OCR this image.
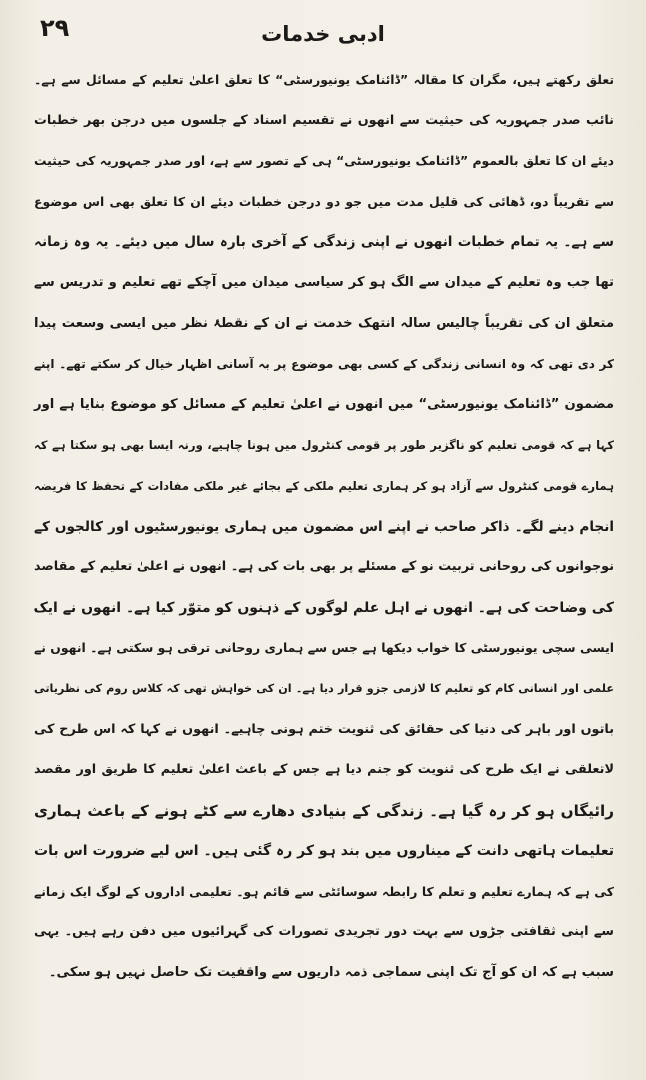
۲۹	ادبی خدمات
تعلق رکھتے ہیں، مگران کا مقالہ ”ڈائنامک یونیورسٹی“ کا تعلق اعلیٰ تعلیم کے مسائل سے ہے۔
نائب صدر جمہوریہ کی حیثیت سے انھوں نے تقسیم اسناد کے جلسوں میں درجن بھر خطبات
دیئے ان کا تعلق بالعموم ”ڈائنامک یونیورسٹی“ ہی کے تصور سے ہے، اور صدر جمہوریہ کی حیثیت
سے تقریباً دو، ڈھائی کی قلیل مدت میں جو دو درجن خطبات دیئے ان کا تعلق بھی اس موضوع
سے ہے۔ یہ تمام خطبات انھوں نے اپنی زندگی کے آخری بارہ سال میں دیئے۔ یہ وہ زمانہ
تھا جب وہ تعلیم کے میدان سے الگ ہو کر سیاسی میدان میں آچکے تھے تعلیم و تدریس سے
متعلق ان کی تقریباً چالیس سالہ انتھک خدمت نے ان کے نقطۂ نظر میں ایسی وسعت پیدا
کر دی تھی کہ وہ انسانی زندگی کے کسی بھی موضوع پر بہ آسانی اظہار خیال کر سکتے تھے۔ اپنے
مضمون ”ڈائنامک یونیورسٹی“ میں انھوں نے اعلیٰ تعلیم کے مسائل کو موضوع بنایا ہے اور
کہا ہے کہ قومی تعلیم کو ناگزیر طور پر قومی کنٹرول میں ہونا چاہیے، ورنہ ایسا بھی ہو سکتا ہے کہ
ہمارے قومی کنٹرول سے آزاد ہو کر ہماری تعلیم ملکی کے بجائے غیر ملکی مفادات کے تحفظ کا فریضہ
انجام دینے لگے۔ ذاکر صاحب نے اپنے اس مضمون میں ہماری یونیورسٹیوں اور کالجوں کے
نوجوانوں کی روحانی تربیت نو کے مسئلے پر بھی بات کی ہے۔ انھوں نے اعلیٰ تعلیم کے مقاصد
کی وضاحت کی ہے۔ انھوں نے اہل علم لوگوں کے ذہنوں کو متوّر کیا ہے۔ انھوں نے ایک
ایسی سچی یونیورسٹی کا خواب دیکھا ہے جس سے ہماری روحانی ترقی ہو سکتی ہے۔ انھوں نے
علمی اور انسانی کام کو تعلیم کا لازمی جزو قرار دیا ہے۔ ان کی خواہش تھی کہ کلاس روم کی نظریاتی
باتوں اور باہر کی دنیا کی حقائق کی ثنویت ختم ہونی چاہیے۔ انھوں نے کہا کہ اس طرح کی
لاتعلقی نے ایک طرح کی ثنویت کو جنم دیا ہے جس کے باعث اعلیٰ تعلیم کا طریق اور مقصد
رائیگاں ہو کر رہ گیا ہے۔ زندگی کے بنیادی دھارے سے کٹے ہونے کے باعث ہماری
تعلیمات ہاتھی دانت کے میناروں میں بند ہو کر رہ گئی ہیں۔ اس لیے ضرورت اس بات
کی ہے کہ ہمارے تعلیم و تعلم کا رابطہ سوسائٹی سے قائم ہو۔ تعلیمی اداروں کے لوگ ایک زمانے
سے اپنی ثقافتی جڑوں سے بہت دور تجریدی تصورات کی گہرائیوں میں دفن رہے ہیں۔ یہی
سبب ہے کہ ان کو آج تک اپنی سماجی ذمہ داریوں سے واقفیت تک حاصل نہیں ہو سکی۔
